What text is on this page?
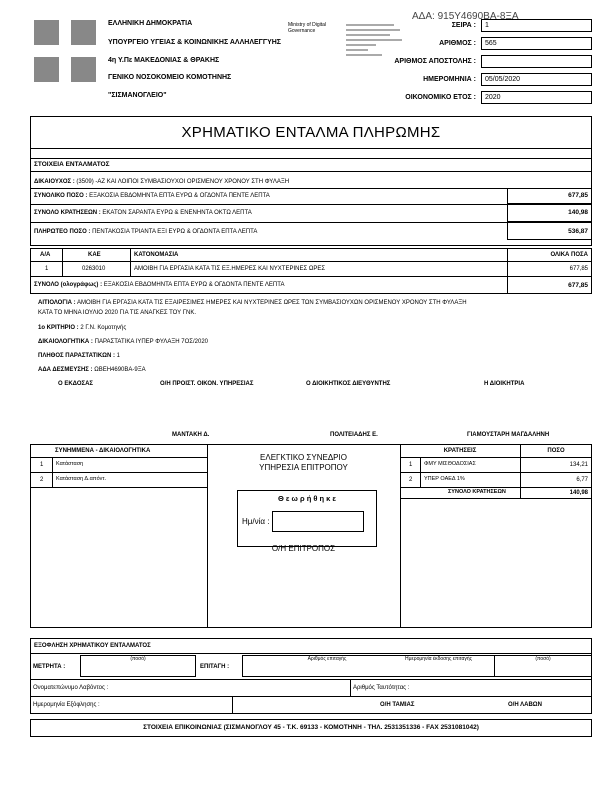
ΑΔΑ: 915Υ4690ΒΑ-8ΞΑ
ΕΛΛΗΝΙΚΗ ΔΗΜΟΚΡΑΤΙΑ
ΥΠΟΥΡΓΕΙΟ ΥΓΕΙΑΣ & ΚΟΙΝΩΝΙΚΗΣ ΑΛΛΗΛΕΓΓΥΗΣ
4η Υ.Πε ΜΑΚΕΔΟΝΙΑΣ & ΘΡΑΚΗΣ
ΓΕΝΙΚΟ ΝΟΣΟΚΟΜΕΙΟ ΚΟΜΟΤΗΝΗΣ
"ΣΙΣΜΑΝΟΓΛΕΙΟ"
Ministry of Digital Governance
ΣΕΙΡΑ :	1
ΑΡΙΘΜΟΣ :	565
ΑΡΙΘΜΟΣ ΑΠΟΣΤΟΛΗΣ :
ΗΜΕΡΟΜΗΝΙΑ :	05/05/2020
ΟΙΚΟΝΟΜΙΚΟ ΕΤΟΣ :	2020
ΧΡΗΜΑΤΙΚΟ ΕΝΤΑΛΜΑ ΠΛΗΡΩΜΗΣ
ΣΤΟΙΧΕΙΑ ΕΝΤΑΛΜΑΤΟΣ
ΔΙΚΑΙΟΥΧΟΣ : (3509) -ΑΖ ΚΑΙ ΛΟΙΠΟΙ ΣΥΜΒΑΣΙΟΥΧΟΙ ΟΡΙΣΜΕΝΟΥ ΧΡΟΝΟΥ ΣΤΗ ΦΥΛΑΞΗ
ΣΥΝΟΛΙΚΟ ΠΟΣΟ : ΕΞΑΚΟΣΙΑ ΕΒΔΟΜΗΝΤΑ ΕΠΤΑ ΕΥΡΩ & ΟΓΔΟΝΤΑ ΠΕΝΤΕ ΛΕΠΤΑ	677,85
ΣΥΝΟΛΟ ΚΡΑΤΗΣΕΩΝ : ΕΚΑΤΟΝ ΣΑΡΑΝΤΑ ΕΥΡΩ & ΕΝΕΝΗΝΤΑ ΟΚΤΩ ΛΕΠΤΑ	140,98
ΠΛΗΡΩΤΕΟ ΠΟΣΟ : ΠΕΝΤΑΚΟΣΙΑ ΤΡΙΑΝΤΑ ΕΞΙ ΕΥΡΩ & ΟΓΔΟΝΤΑ ΕΠΤΑ ΛΕΠΤΑ	536,87
Α/Α	ΚΑΕ	ΚΑΤΟΝΟΜΑΣΙΑ	ΟΛΙΚΑ ΠΟΣΑ
1	0263010	ΑΜΟΙΒΗ ΓΙΑ ΕΡΓΑΣΙΑ ΚΑΤΑ ΤΙΣ ΕΞ.ΗΜΕΡΕΣ ΚΑΙ ΝΥΧΤΕΡΙΝΕΣ ΩΡΕΣ	677,85
ΣΥΝΟΛΟ (ολογράφως) : ΕΞΑΚΟΣΙΑ ΕΒΔΟΜΗΝΤΑ ΕΠΤΑ ΕΥΡΩ & ΟΓΔΟΝΤΑ ΠΕΝΤΕ ΛΕΠΤΑ	677,85
ΑΙΤΙΟΛΟΓΙΑ : ΑΜΟΙΒΗ ΓΙΑ ΕΡΓΑΣΙΑ ΚΑΤΑ ΤΙΣ ΕΞΑΙΡΕΣΙΜΕΣ ΗΜΕΡΕΣ ΚΑΙ ΝΥΧΤΕΡΙΝΕΣ ΩΡΕΣ ΤΩΝ ΣΥΜΒΑΣΙΟΥΧΩΝ ΟΡΙΣΜΕΝΟΥ ΧΡΟΝΟΥ ΣΤΗ ΦΥΛΑΞΗ
ΚΑΤΑ ΤΟ ΜΗΝΑ ΙΟΥΛΙΟ 2020 ΓΙΑ ΤΙΣ ΑΝΑΓΚΕΣ ΤΟΥ ΓΝΚ.
1ο ΚΡΙΤΗΡΙΟ : 2 Γ.Ν. Κομοτηνής
ΔΙΚΑΙΟΛΟΓΗΤΙΚΑ : ΠΑΡΑΣΤΑΤΙΚΑ ΙΥΠΕΡ ΦΥΛΑΞΗ 7ΟΣ/2020
ΠΛΗΘΟΣ ΠΑΡΑΣΤΑΤΙΚΩΝ : 1
ΑΔΑ ΔΕΣΜΕΥΣΗΣ : ΩΒΕΗ4690ΒΑ-9ΞΑ
Ο ΕΚΔΟΣΑΣ	Ο/Η ΠΡΟΙΣΤ. ΟΙΚΟΝ. ΥΠΗΡΕΣΙΑΣ	Ο ΔΙΟΙΚΗΤΙΚΟΣ ΔΙΕΥΘΥΝΤΗΣ	Η ΔΙΟΙΚΗΤΡΙΑ
ΜΑΝΤΑΚΗ Δ.	ΠΟΛΙΤΕΙΑΔΗΣ Ε.	ΓΙΑΜΟΥΣΤΑΡΗ ΜΑΓΔΑΛΗΝΗ
ΣΥΝΗΜΜΕΝΑ - ΔΙΚΑΙΟΛΟΓΗΤΙΚΑ
1 Κατάσταση
2 Κατάσταση Δ.απόντ.
ΕΛΕΓΚΤΙΚΟ ΣΥΝΕΔΡΙΟ
ΥΠΗΡΕΣΙΑ ΕΠΙΤΡΟΠΟΥ
Θ ε ω ρ ή θ η κ ε
Ημ/νία :
Ο/Η ΕΠΙΤΡΟΠΟΣ
ΚΡΑΤΗΣΕΙΣ	ΠΟΣΟ
1 ΦΜΥ ΜΙΣΘΟΔΟΣΙΑΣ	134,21
2 ΥΠΕΡ ΟΑΕΔ 1%	6,77
ΣΥΝΟΛΟ ΚΡΑΤΗΣΕΩΝ	140,98
ΕΞΟΦΛΗΣΗ ΧΡΗΜΑΤΙΚΟΥ ΕΝΤΑΛΜΑΤΟΣ
ΜΕΤΡΗΤΑ :
(ποσό)
ΕΠΙΤΑΓΗ :
Αριθμός επιταγής	Ημερομηνία έκδοσης επιταγής	(ποσό)
Ονοματεπώνυμο Λαβόντος :	Αριθμός Ταυτότητας :
Ημερομηνία Εξόφλησης :	Ο/Η ΤΑΜΙΑΣ	Ο/Η ΛΑΒΩΝ
ΣΤΟΙΧΕΙΑ ΕΠΙΚΟΙΝΩΝΙΑΣ (ΣΙΣΜΑΝΟΓΛΟΥ 45 - Τ.Κ. 69133 - ΚΟΜΟΤΗΝΗ - ΤΗΛ. 2531351336 - FAX 2531081042)
